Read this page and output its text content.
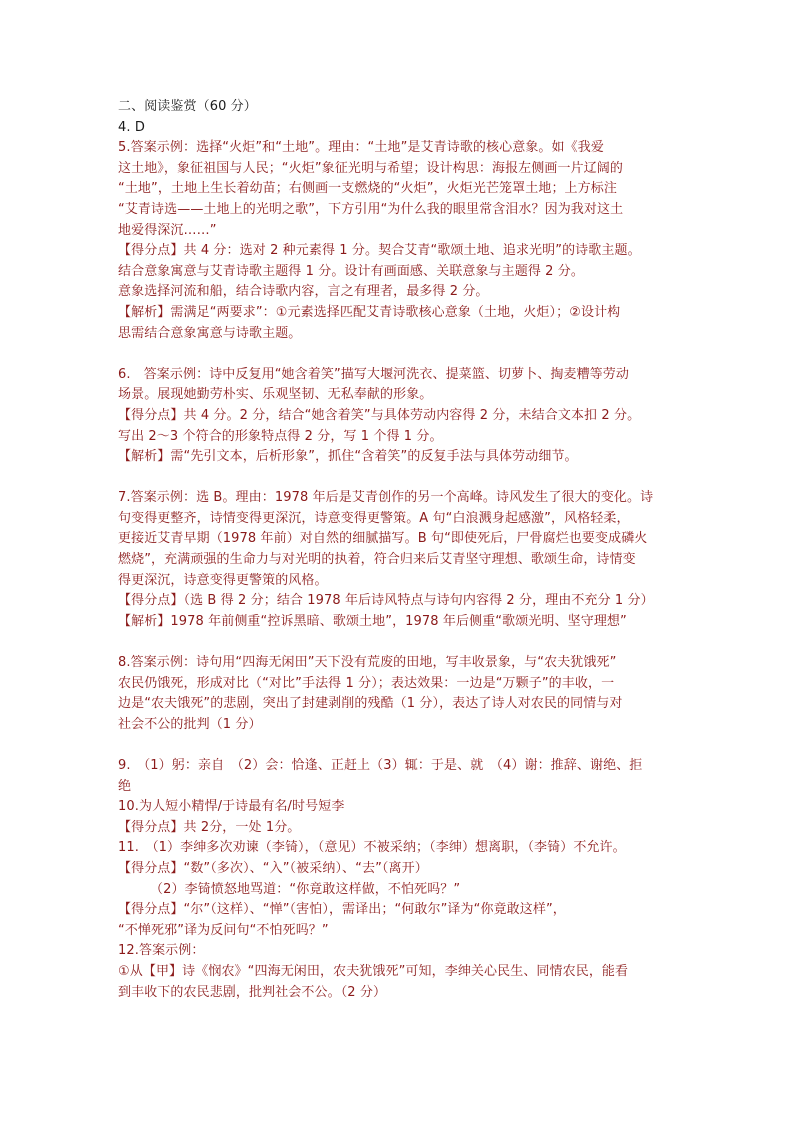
二、阅读鉴赏（60 分）
4. D
5.答案示例：选择“火炬”和“土地”。理由：“土地”是艾青诗歌的核心意象。如《我爱
这土地》，象征祖国与人民；“火炬”象征光明与希望；设计构思：海报左侧画一片辽阔的
“土地”，土地上生长着幼苗；右侧画一支燃烧的“火炬”，火炬光芒笼罩土地；上方标注
“艾青诗选——土地上的光明之歌”，下方引用“为什么我的眼里常含泪水？因为我对这土
地爱得深沉……”
【得分点】共 4 分：选对 2 种元素得 1 分。契合艾青“歌颂土地、追求光明”的诗歌主题。
结合意象寓意与艾青诗歌主题得 1 分。设计有画面感、关联意象与主题得 2 分。
意象选择河流和船，结合诗歌内容，言之有理者，最多得 2 分。
【解析】需满足“两要求”：①元素选择匹配艾青诗歌核心意象（土地，火炬）；②设计构
思需结合意象寓意与诗歌主题。
6.　答案示例：诗中反复用“她含着笑”描写大堰河洗衣、提菜篮、切萝卜、掏麦糟等劳动
场景。展现她勤劳朴实、乐观坚韧、无私奉献的形象。
【得分点】共 4 分。2 分，结合“她含着笑”与具体劳动内容得 2 分，未结合文本扣 2 分。
写出 2～3 个符合的形象特点得 2 分，写 1 个得 1 分。
【解析】需“先引文本，后析形象”，抓住“含着笑”的反复手法与具体劳动细节。
7.答案示例：选 B。理由：1978 年后是艾青创作的另一个高峰。诗风发生了很大的变化。诗
句变得更整齐，诗情变得更深沉，诗意变得更警策。A 句“白浪溅身起感激”，风格轻柔，
更接近艾青早期（1978 年前）对自然的细腻描写。B 句“即使死后，尸骨腐烂也要变成磷火
燃烧”，充满顽强的生命力与对光明的执着，符合归来后艾青坚守理想、歌颂生命，诗情变
得更深沉，诗意变得更警策的风格。
【得分点】（选 B 得 2 分；结合 1978 年后诗风特点与诗句内容得 2 分，理由不充分 1 分）
【解析】1978 年前侧重“控诉黑暗、歌颂土地”，1978 年后侧重“歌颂光明、坚守理想”
8.答案示例：诗句用“四海无闲田”天下没有荒废的田地，写丰收景象，与“农夫犹饿死”
农民仍饿死，形成对比（“对比”手法得 1 分）；表达效果：一边是“万颗子”的丰收，一
边是“农夫饿死”的悲剧，突出了封建剥削的残酷（1 分），表达了诗人对农民的同情与对
社会不公的批判（1 分）
9.　（1）躬：亲自　（2）会：恰逢、正赶上（3）辄：于是、就　（4）谢：推辞、谢绝、拒
绝
10.为人短小精悍/于诗最有名/时号短李
【得分点】共 2分，一处 1分。
11.　（1）李绅多次劝谏（李锜），（意见）不被采纳；（李绅）想离职，（李锜）不允许。
【得分点】“数”（多次）、“入”（被采纳）、“去”（离开）
（2）李锜愤怒地骂道：“你竟敢这样做，不怕死吗？”
【得分点】“尔”（这样）、“惮”（害怕），需译出；“何敢尔”译为“你竟敢这样”，
“不惮死邪”译为反问句“不怕死吗？”
12.答案示例：
①从【甲】诗《悯农》“四海无闲田，农夫犹饿死”可知，李绅关心民生、同情农民，能看
到丰收下的农民悲剧，批判社会不公。（2 分）
